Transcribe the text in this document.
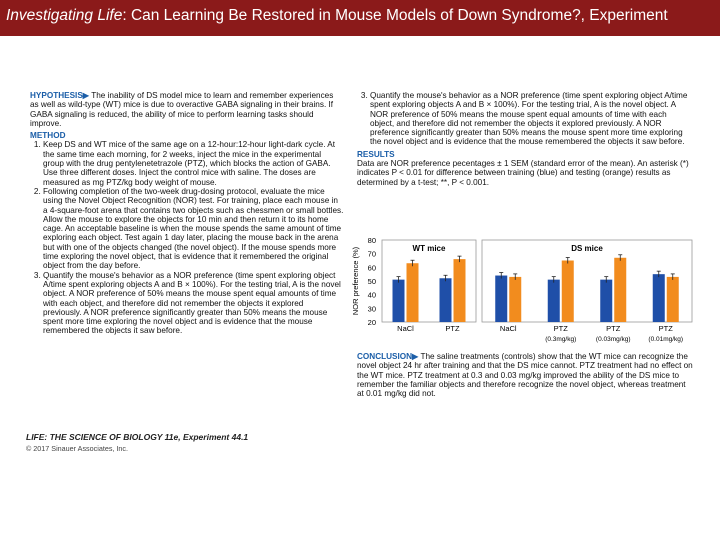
Investigating Life: Can Learning Be Restored in Mouse Models of Down Syndrome?, Experiment

HYPOTHESIS▶ The inability of DS model mice to learn and remember experiences as well as wild-type (WT) mice is due to overactive GABA signaling in their brains. If GABA signaling is reduced, the ability of mice to perform learning tasks should improve.

METHOD
1. Keep DS and WT mice of the same age on a 12-hour:12-hour light-dark cycle. At the same time each morning, for 2 weeks, inject the mice in the experimental group with the drug pentylenetetrazole (PTZ), which blocks the action of GABA. Use three different doses. Inject the control mice with saline. The doses are measured as mg PTZ/kg body weight of mouse.
2. Following completion of the two-week drug-dosing protocol, evaluate the mice using the Novel Object Recognition (NOR) test. For training, place each mouse in a 4-square-foot arena that contains two objects such as chessmen or small bottles. Allow the mouse to explore the objects for 10 min and then return it to its home cage. An acceptable baseline is when the mouse spends the same amount of time exploring each object. Test again 1 day later, placing the mouse back in the arena but with one of the objects changed (the novel object). If the mouse spends more time exploring the novel object, that is evidence that it remembered the original object from the day before.
3. Quantify the mouse's behavior as a NOR preference (time spent exploring object A/time spent exploring objects A and B × 100%). For the testing trial, A is the novel object. A NOR preference of 50% means the mouse spent equal amounts of time with each object, and therefore did not remember the objects it explored previously. A NOR preference significantly greater than 50% means the mouse spent more time exploring the novel object and is evidence that the mouse remembered the objects it saw before.
3. Quantify the mouse's behavior as a NOR preference (time spent exploring object A/time spent exploring objects A and B × 100%). For the testing trial, A is the novel object. A NOR preference of 50% means the mouse spent equal amounts of time with each object, and therefore did not remember the objects it explored previously. A NOR preference significantly greater than 50% means the mouse spent more time exploring the novel object and is evidence that the mouse remembered the objects it saw before.
RESULTS

Data are NOR preference pecentages ± 1 SEM (standard error of the mean). An asterisk (*) indicates P < 0.01 for difference between training (blue) and testing (orange) results as determined by a t-test; **, P < 0.001.

NOR preference (%)
20
30
40
50
60
70
80
WT mice
NaCl	PTZ
DS mice
NaCl	PTZ
(0.3mg/kg)
PTZ
(0.03mg/kg)
PTZ
(0.01mg/kg)

CONCLUSION▶ The saline treatments (controls) show that the WT mice can recognize the novel object 24 hr after training and that the DS mice cannot. PTZ treatment had no effect on the WT mice. PTZ treatment at 0.3 and 0.03 mg/kg improved the ability of the DS mice to remember the familiar objects and therefore recognize the novel object, whereas treatment at 0.01 mg/kg did not.

LIFE: THE SCIENCE OF BIOLOGY 11e, Experiment 44.1
© 2017 Sinauer Associates, Inc.
